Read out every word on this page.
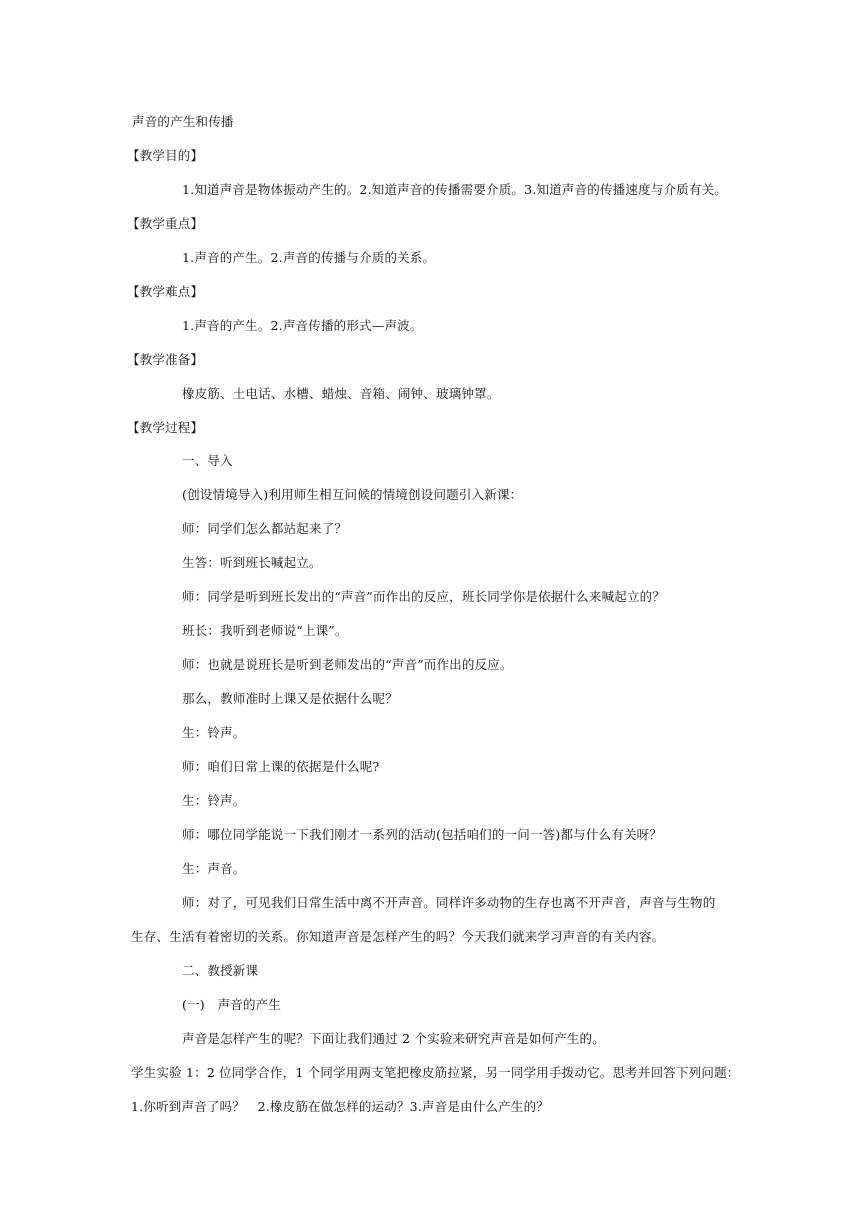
声音的产生和传播
【教学目的】
1.知道声音是物体振动产生的。2.知道声音的传播需要介质。3.知道声音的传播速度与介质有关。
【教学重点】
1.声音的产生。2.声音的传播与介质的关系。
【教学难点】
1.声音的产生。2.声音传播的形式—声波。
【教学准备】
橡皮筋、土电话、水槽、蜡烛、音箱、闹钟、玻璃钟罩。
【教学过程】
一、导入
(创设情境导入)利用师生相互问候的情境创设问题引入新课：
师：同学们怎么都站起来了？
生答：听到班长喊起立。
师：同学是听到班长发出的“声音”而作出的反应，班长同学你是依据什么来喊起立的？
班长：我听到老师说“上课”。
师：也就是说班长是听到老师发出的“声音”而作出的反应。
那么，教师准时上课又是依据什么呢？
生：铃声。
师：咱们日常上课的依据是什么呢?
生：铃声。
师：哪位同学能说一下我们刚才一系列的活动(包括咱们的一问一答)都与什么有关呀？
生：声音。
师：对了，可见我们日常生活中离不开声音。同样许多动物的生存也离不开声音，声音与生物的
生存、生活有着密切的关系。你知道声音是怎样产生的吗？今天我们就来学习声音的有关内容。
二、教授新课
(一)　声音的产生
声音是怎样产生的呢？下面让我们通过 2 个实验来研究声音是如何产生的。
学生实验 1：2 位同学合作，1 个同学用两支笔把橡皮筋拉紧，另一同学用手拨动它。思考并回答下列问题：
1.你听到声音了吗？　2.橡皮筋在做怎样的运动？3.声音是由什么产生的？
